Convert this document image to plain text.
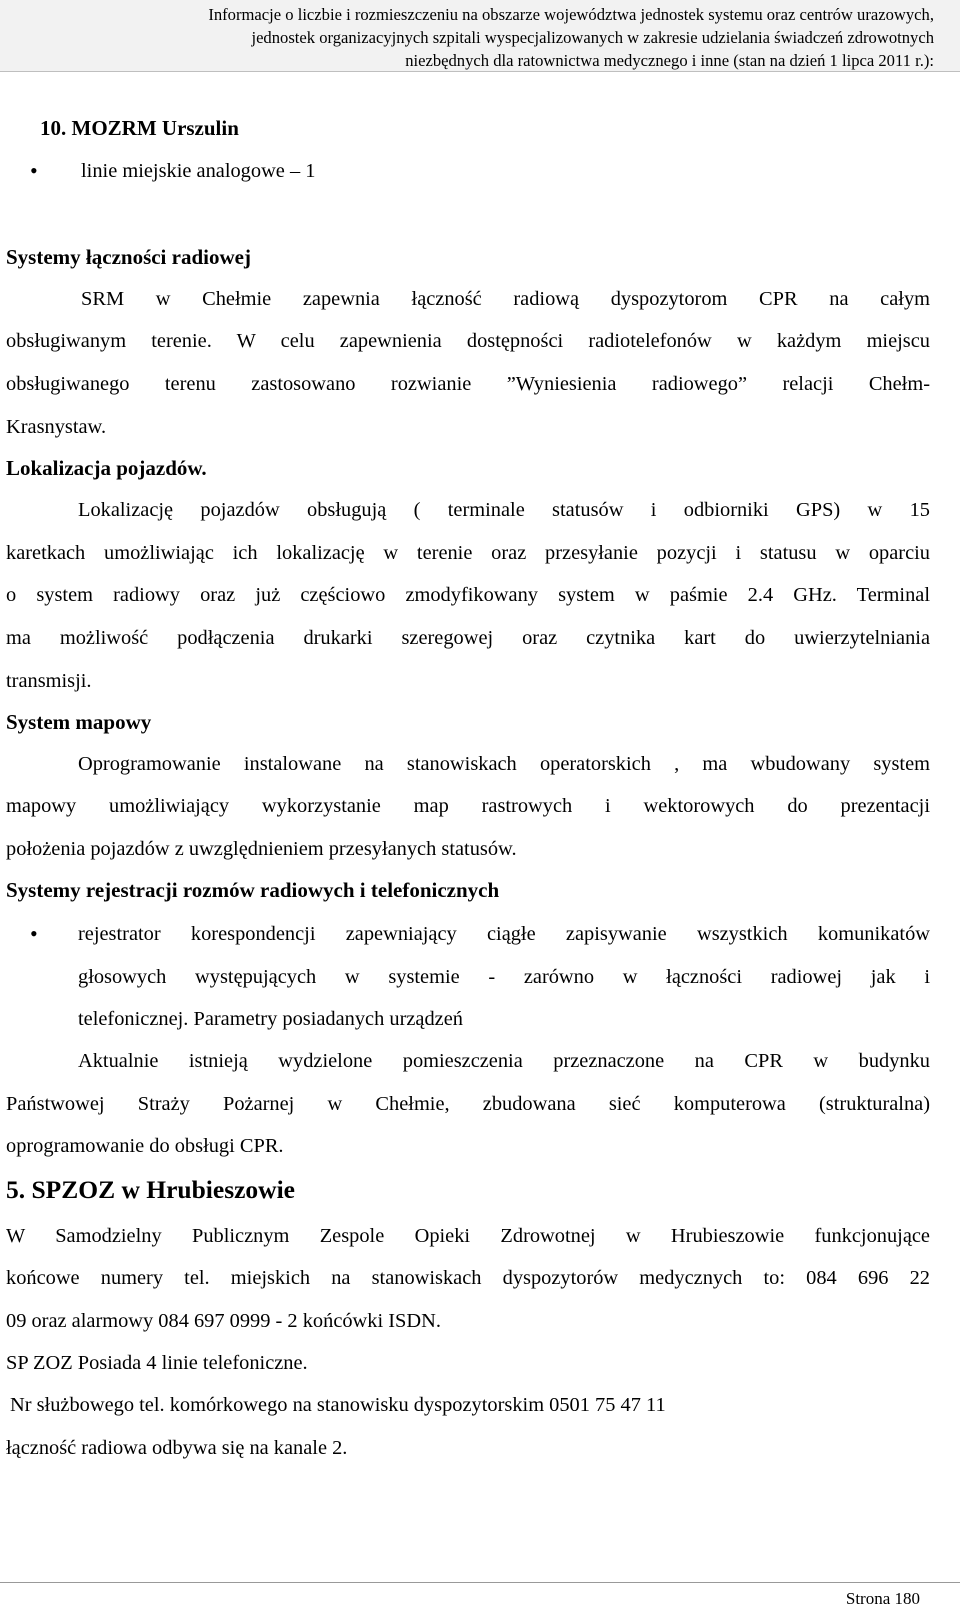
Informacje o liczbie i rozmieszczeniu na obszarze województwa jednostek systemu oraz centrów urazowych,
jednostek organizacyjnych szpitali wyspecjalizowanych w zakresie udzielania świadczeń zdrowotnych
niezbędnych dla ratownictwa medycznego i inne (stan na dzień 1 lipca 2011 r.):
10. MOZRM Urszulin
• linie miejskie analogowe – 1
Systemy łączności radiowej
SRM w Chełmie zapewnia łączność radiową dyspozytorom CPR na całym
obsługiwanym terenie. W celu zapewnienia dostępności radiotelefonów w każdym miejscu
obsługiwanego terenu zastosowano rozwianie ”Wyniesienia radiowego” relacji Chełm-
Krasnystaw.
Lokalizacja pojazdów.
Lokalizację pojazdów obsługują ( terminale statusów i odbiorniki GPS) w 15
karetkach umożliwiając ich lokalizację w terenie oraz przesyłanie pozycji i statusu w oparciu
o system radiowy oraz już częściowo zmodyfikowany system w paśmie 2.4 GHz. Terminal
ma możliwość podłączenia drukarki szeregowej oraz czytnika kart do uwierzytelniania
transmisji.
System mapowy
Oprogramowanie instalowane na stanowiskach operatorskich , ma wbudowany system
mapowy umożliwiający wykorzystanie map rastrowych i wektorowych do prezentacji
położenia pojazdów z uwzględnieniem przesyłanych statusów.
Systemy rejestracji rozmów radiowych i telefonicznych
• rejestrator korespondencji zapewniający ciągłe zapisywanie wszystkich komunikatów
głosowych występujących w systemie - zarówno w łączności radiowej jak i
telefonicznej. Parametry posiadanych urządzeń
Aktualnie istnieją wydzielone pomieszczenia przeznaczone na CPR w budynku
Państwowej Straży Pożarnej w Chełmie, zbudowana sieć komputerowa (strukturalna)
oprogramowanie do obsługi CPR.
5. SPZOZ w Hrubieszowie
W Samodzielny Publicznym Zespole Opieki Zdrowotnej w Hrubieszowie funkcjonujące
końcowe numery tel. miejskich na stanowiskach dyspozytorów medycznych to: 084 696 22
09 oraz alarmowy 084 697 0999 - 2 końcówki ISDN.
SP ZOZ Posiada 4 linie telefoniczne.
Nr służbowego tel. komórkowego na stanowisku dyspozytorskim 0501 75 47 11
łączność radiowa odbywa się na kanale 2.
Strona 180
